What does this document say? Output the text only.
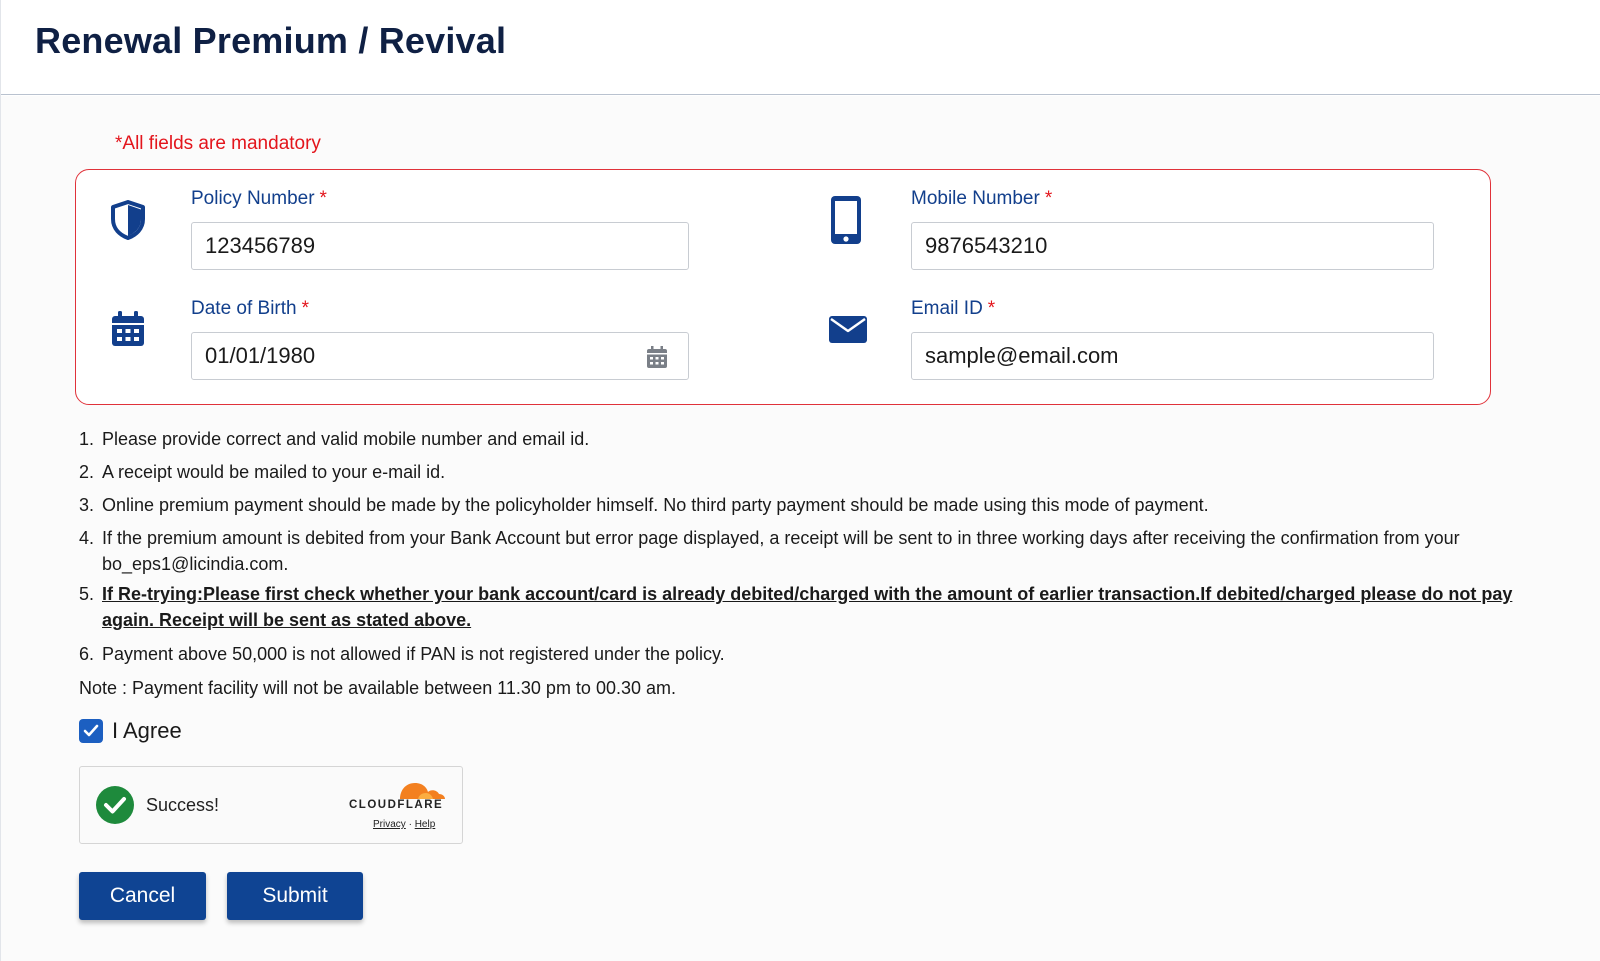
Renewal Premium / Revival
*All fields are mandatory
Policy Number *
123456789
Mobile Number *
9876543210
Date of Birth *
01/01/1980
Email ID *
sample@email.com
1. Please provide correct and valid mobile number and email id.
2. A receipt would be mailed to your e-mail id.
3. Online premium payment should be made by the policyholder himself. No third party payment should be made using this mode of payment.
4. If the premium amount is debited from your Bank Account but error page displayed, a receipt will be sent to in three working days after receiving the confirmation from your
bo_eps1@licindia.com.
5. If Re-trying:Please first check whether your bank account/card is already debited/charged with the amount of earlier transaction.If debited/charged please do not pay
again. Receipt will be sent as stated above.
6. Payment above 50,000 is not allowed if PAN is not registered under the policy.
Note : Payment facility will not be available between 11.30 pm to 00.30 am.
I Agree
Success!	CLOUDFLARE
Privacy · Help
Cancel	Submit
